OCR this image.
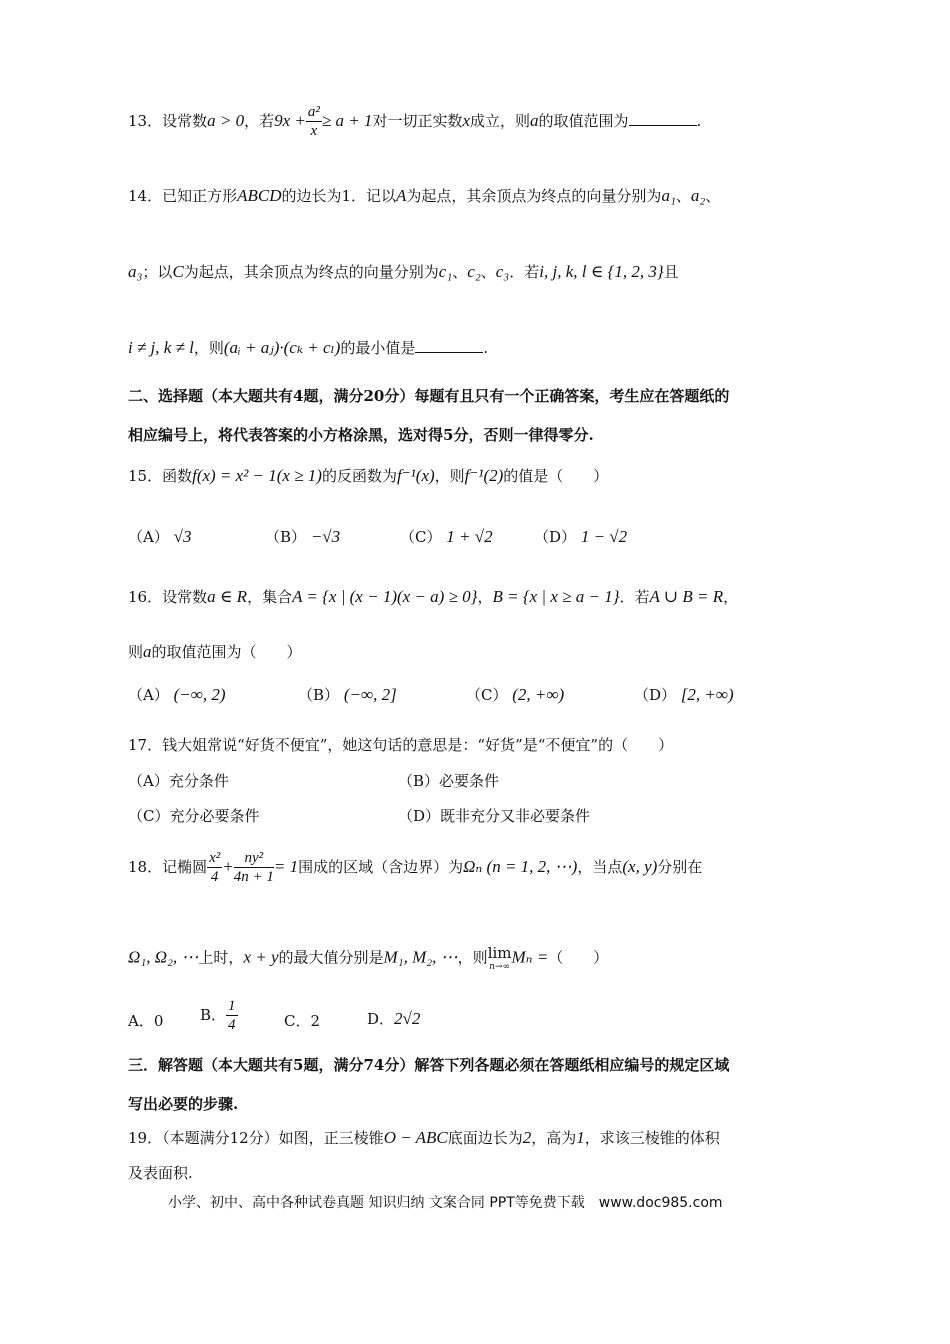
13．设常数a > 0，若$9x + \frac{\text{a²}}{x} \ge a + 1$对一切正实数x成立，则a的取值范围为	.
14．已知正方形ABCD的边长为1．记以A为起点，其余顶点为终点的向量分别为a₁、a₂、
a₃；以C为起点，其余顶点为终点的向量分别为c₁、c₂、c₃．若i, j, k, l ∈ {1, 2, 3}且
i ≠ j, k ≠ l，则(aᵢ + aⱼ)·(cₖ + cₗ)的最小值是	.
二、选择题（本大题共有4题，满分20分）每题有且只有一个正确答案，考生应在答题纸的
相应编号上，将代表答案的小方格涂黑，选对得5分，否则一律得零分.
15．函数f(x) = x² − 1(x ≥ 1)的反函数为f⁻¹(x)，则f⁻¹(2)的值是（　　）
（A） √3	（B） −√3	（C） 1 + √2	（D） 1 − √2
16．设常数a ∈ R，集合A = {x | (x − 1)(x − a) ≥ 0}，B = {x | x ≥ a − 1}．若A ∪ B = R，
则a的取值范围为（　　）
（A） (−∞, 2)	（B） (−∞, 2]	（C） (2, +∞)	（D） [2, +∞)
17．钱大姐常说“好货不便宜”，她这句话的意思是：“好货”是“不便宜”的（　　）
（A）充分条件	（B）必要条件
（C）充分必要条件	（D）既非充分又非必要条件
18．记椭圆 $\frac{\text{x²}}{4} + \frac{\text{ny²}}{4n + 1} = 1$围成的区域（含边界）为Ωₙ (n = 1, 2, ⋯)，当点(x, y)分别在
Ω₁, Ω₂, ⋯上时，x + y的最大值分别是M₁, M₂, ⋯，则 lim
n→∞
Mₙ =（　　）
A．0 B． $\frac{1}{4}$	C．2	D．2√2
三．解答题（本大题共有5题，满分74分）解答下列各题必须在答题纸相应编号的规定区域
写出必要的步骤.
19．（本题满分12分）如图，正三棱锥O − ABC底面边长为2，高为1，求该三棱锥的体积
及表面积.
小学、初中、高中各种试卷真题 知识归纳 文案合同 PPT等免费下载　www.doc985.com
